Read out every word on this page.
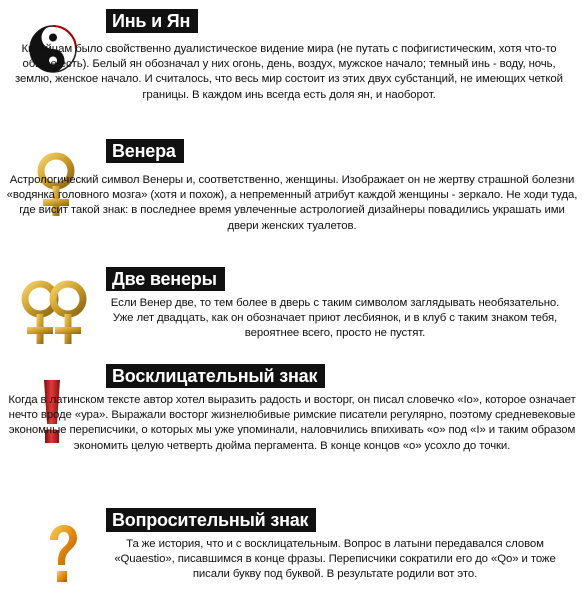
Инь и Ян
Китайцам было свойственно дуалистическое видение мира (не путать с пофигистическим, хотя что-то общее есть). Белый ян обозначал у них огонь, день, воздух, мужское начало; темный инь - воду, ночь, землю, женское начало. И считалось, что весь мир состоит из этих двух субстанций, не имеющих четкой границы. В каждом инь всегда есть доля ян, и наоборот.
Венера
Астрологический символ Венеры и, соответственно, женщины. Изображает он не жертву страшной болезни «водянка головного мозга» (хотя и похож), а непременный атрибут каждой женщины - зеркало. Не ходи туда, где висит такой знак: в последнее время увлеченные астрологией дизайнеры повадились украшать ими двери женских туалетов.
Две венеры
Если Венер две, то тем более в дверь с таким символом заглядывать необязательно. Уже лет двадцать, как он обозначает приют лесбиянок, и в клуб с таким знаком тебя, вероятнее всего, просто не пустят.
Восклицательный знак
Когда в латинском тексте автор хотел выразить радость и восторг, он писал словечко «Io», которое означает нечто вроде «ура». Выражали восторг жизнелюбивые римские писатели регулярно, поэтому средневековые экономные переписчики, о которых мы уже упоминали, наловчились впихивать «о» под «I» и таким образом экономить целую четверть дюйма пергамента. В конце концов «о» усохло до точки.
Вопросительный знак
Та же история, что и с восклицательным. Вопрос в латыни передавался словом «Quaestio», писавшимся в конце фразы. Переписчики сократили его до «Qo» и тоже писали букву под буквой. В результате родили вот это.
